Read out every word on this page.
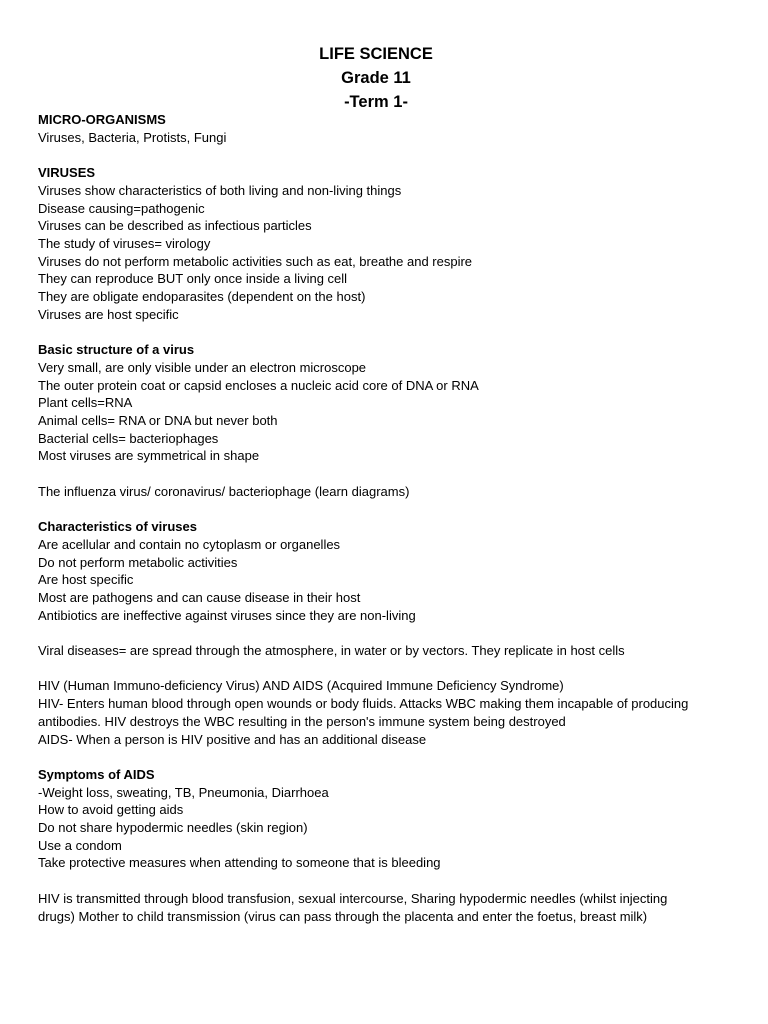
LIFE SCIENCE
Grade 11
-Term 1-
MICRO-ORGANISMS
Viruses, Bacteria, Protists, Fungi
VIRUSES
Viruses show characteristics of both living and non-living things
Disease causing=pathogenic
Viruses can be described as infectious particles
The study of viruses= virology
Viruses do not perform metabolic activities such as eat, breathe and respire
They can reproduce BUT only once inside a living cell
They are obligate endoparasites (dependent on the host)
Viruses are host specific
Basic structure of a virus
Very small, are only visible under an electron microscope
The outer protein coat or capsid encloses a nucleic acid core of DNA or RNA
Plant cells=RNA
Animal cells= RNA or DNA but never both
Bacterial cells= bacteriophages
Most viruses are symmetrical in shape
The influenza virus/ coronavirus/ bacteriophage (learn diagrams)
Characteristics of viruses
Are acellular and contain no cytoplasm or organelles
Do not perform metabolic activities
Are host specific
Most are pathogens and can cause disease in their host
Antibiotics are ineffective against viruses since they are non-living
Viral diseases= are spread through the atmosphere, in water or by vectors. They replicate in host cells
HIV (Human Immuno-deficiency Virus) AND AIDS (Acquired Immune Deficiency Syndrome)
HIV- Enters human blood through open wounds or body fluids. Attacks WBC making them incapable of producing
antibodies. HIV destroys the WBC resulting in the person's immune system being destroyed
AIDS- When a person is HIV positive and has an additional disease
Symptoms of AIDS
-Weight loss, sweating, TB, Pneumonia, Diarrhoea
How to avoid getting aids
Do not share hypodermic needles (skin region)
Use a condom
Take protective measures when attending to someone that is bleeding
HIV is transmitted through blood transfusion, sexual intercourse, Sharing hypodermic needles (whilst injecting
drugs) Mother to child transmission (virus can pass through the placenta and enter the foetus, breast milk)
